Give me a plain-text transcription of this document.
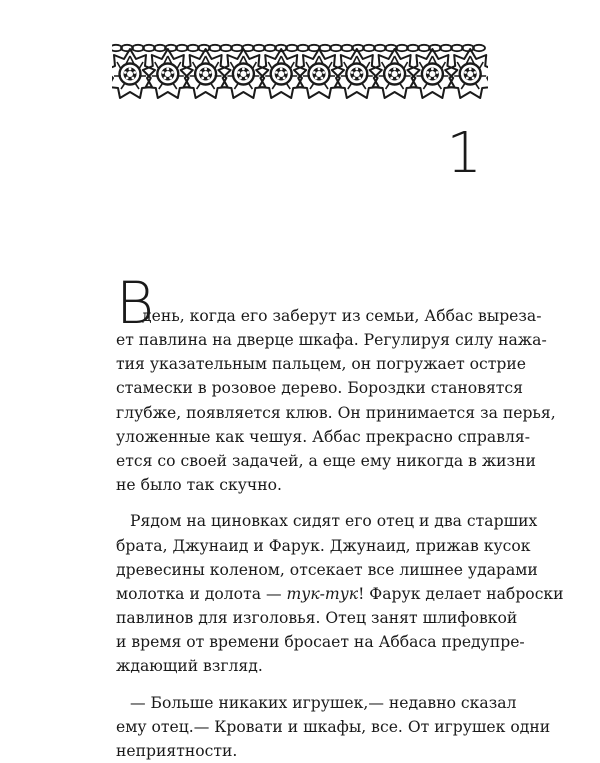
1
В
день, когда его заберут из семьи, Аббас выреза-
ет павлина на дверце шкафа. Регулируя силу нажа-
тия указательным пальцем, он погружает острие
стамески в розовое дерево. Бороздки становятся
глубже, появляется клюв. Он принимается за перья,
уложенные как чешуя. Аббас прекрасно справля-
ется со своей задачей, а еще ему никогда в жизни
не было так скучно.
Рядом на циновках сидят его отец и два старших
брата, Джунаид и Фарук. Джунаид, прижав кусок
древесины коленом, отсекает все лишнее ударами
молотка и долота — тук-тук! Фарук делает наброски
павлинов для изголовья. Отец занят шлифовкой
и время от времени бросает на Аббаса предупре-
ждающий взгляд.
— Больше никаких игрушек,— недавно сказал
ему отец.— Кровати и шкафы, все. От игрушек одни
неприятности.
